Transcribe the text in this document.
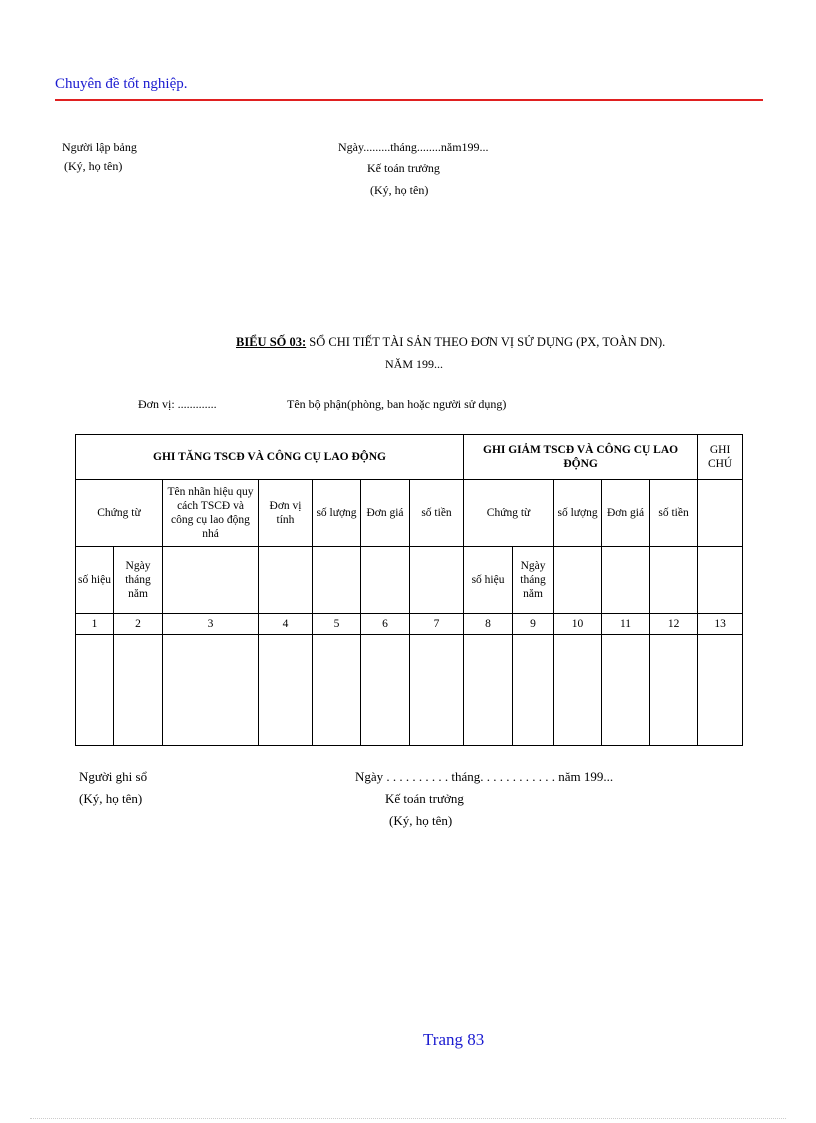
Chuyên đề tốt nghiệp.
Người lập bảng
(Ký, họ tên)
Ngày.........tháng........năm199...
Kế toán trưởng
(Ký, họ tên)
BIỂU SỐ 03: SỔ CHI TIẾT TÀI SẢN THEO ĐƠN VỊ SỬ DỤNG (PX, TOÀN DN).
NĂM 199...
Đơn vị: .............	Tên bộ phận(phòng, ban hoặc người sử dụng)
GHI TĂNG TSCĐ VÀ CÔNG CỤ LAO ĐỘNG							GHI GIẢM TSCĐ VÀ CÔNG CỤ LAO ĐỘNG					GHI CHÚ
Chứng từ		Tên nhãn hiệu quy cách TSCĐ và công cụ lao động nhá	Đơn vị tính	số lượng	Đơn giá	số tiền	Chứng từ		số lượng	Đơn giá	số tiền	
số hiệu	Ngày tháng năm						số hiệu	Ngày tháng năm				
1	2	3	4	5	6	7	8	9	10	11	12	13

Người ghi sổ
(Ký, họ tên)
Ngày . . . . . . . . . . tháng. . . . . . . . . . . . năm 199...
Kế toán trưởng
(Ký, họ tên)
Trang 83
